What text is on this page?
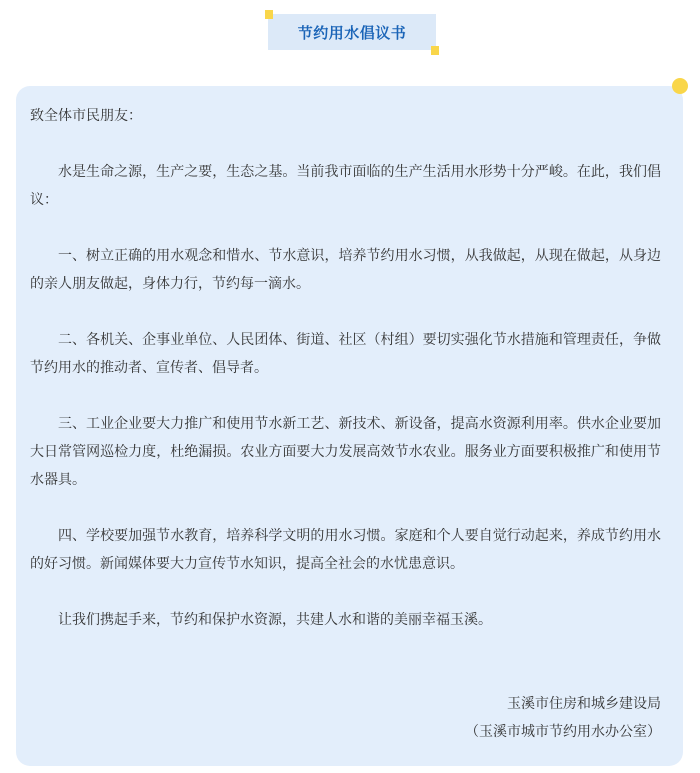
节约用水倡议书

致全体市民朋友：

水是生命之源，生产之要，生态之基。当前我市面临的生产生活用水形势十分严峻。在此，我们倡议：

一、树立正确的用水观念和惜水、节水意识，培养节约用水习惯，从我做起，从现在做起，从身边的亲人朋友做起，身体力行，节约每一滴水。

二、各机关、企事业单位、人民团体、街道、社区（村组）要切实强化节水措施和管理责任，争做节约用水的推动者、宣传者、倡导者。

三、工业企业要大力推广和使用节水新工艺、新技术、新设备，提高水资源利用率。供水企业要加大日常管网巡检力度，杜绝漏损。农业方面要大力发展高效节水农业。服务业方面要积极推广和使用节水器具。

四、学校要加强节水教育，培养科学文明的用水习惯。家庭和个人要自觉行动起来，养成节约用水的好习惯。新闻媒体要大力宣传节水知识，提高全社会的水忧患意识。

让我们携起手来，节约和保护水资源，共建人水和谐的美丽幸福玉溪。

玉溪市住房和城乡建设局

（玉溪市城市节约用水办公室）
